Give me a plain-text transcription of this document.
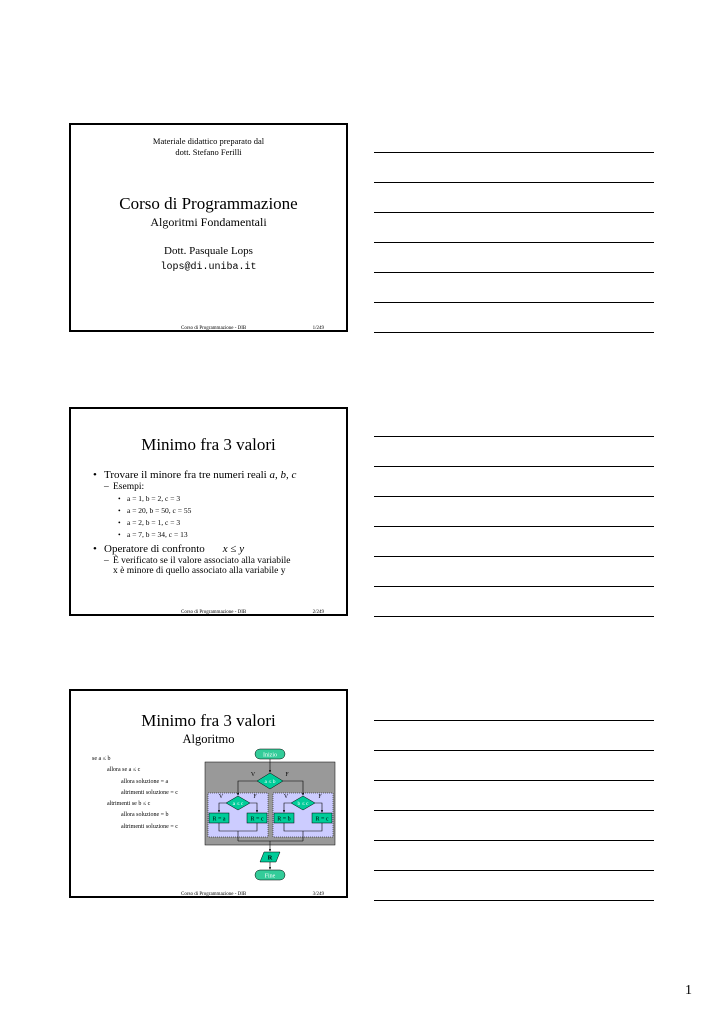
Materiale didattico preparato dal
dott. Stefano Ferilli
Corso di Programmazione
Algoritmi Fondamentali
Dott. Pasquale Lops
lops@di.uniba.it
Corso di Programmazione - DIB	1/249
Minimo fra 3 valori
• Trovare il minore fra tre numeri reali a, b, c
– Esempi:
• a = 1, b = 2, c = 3
• a = 20, b = 50, c = 55
• a = 2, b = 1, c = 3
• a = 7, b = 34, c = 13
• Operatore di confronto x ≤ y
– È verificato se il valore associato alla variabile
x è minore di quello associato alla variabile y
Corso di Programmazione - DIB	2/249
Minimo fra 3 valori
Algoritmo
se a ≤ b
allora se a ≤ c
allora soluzione = a
altrimenti soluzione = c
altrimenti se b ≤ c
allora soluzione = b
altrimenti soluzione = c
Inizio
a ≤ b
V	F
a ≤ c
V	F
R = a	R = c
b ≤ c
V	F
R = b	R = c
R
Fine
Corso di Programmazione - DIB	3/249
1
